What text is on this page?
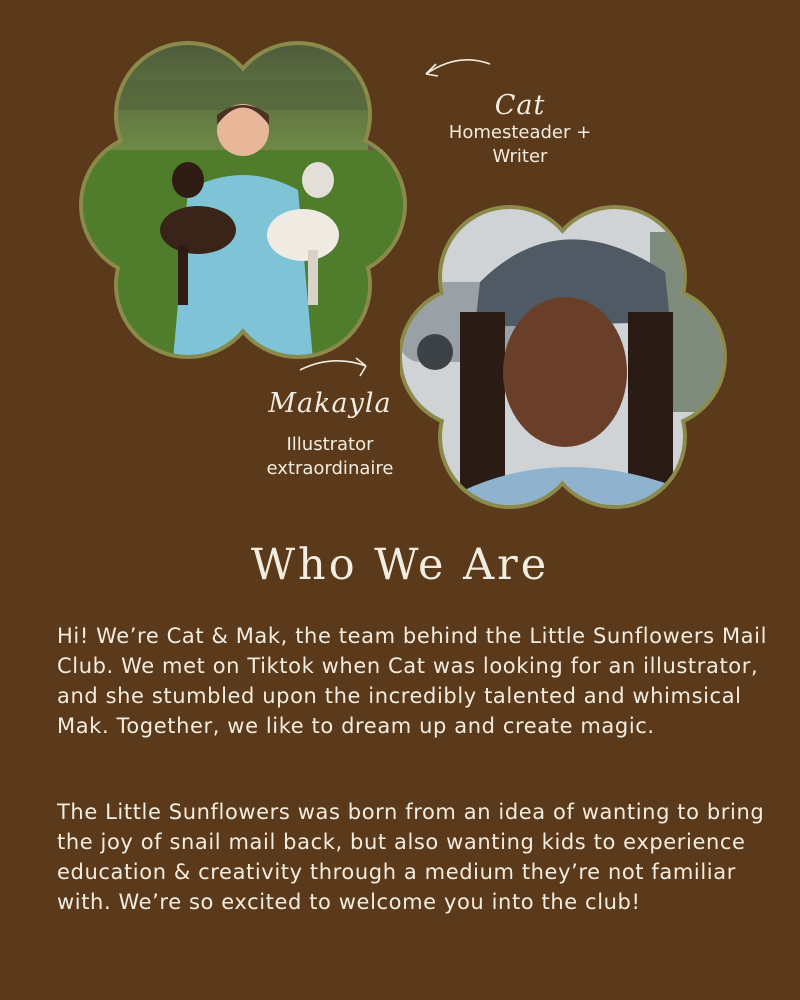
Cat
Homesteader +
Writer
Makayla
Illustrator
extraordinaire
Who We Are

Hi! We’re Cat & Mak, the team behind the Little Sunflowers Mail Club. We met on Tiktok when Cat was looking for an illustrator, and she stumbled upon the incredibly talented and whimsical Mak. Together, we like to dream up and create magic.

The Little Sunflowers was born from an idea of wanting to bring the joy of snail mail back, but also wanting kids to experience education & creativity through a medium they’re not familiar with. We’re so excited to welcome you into the club!
